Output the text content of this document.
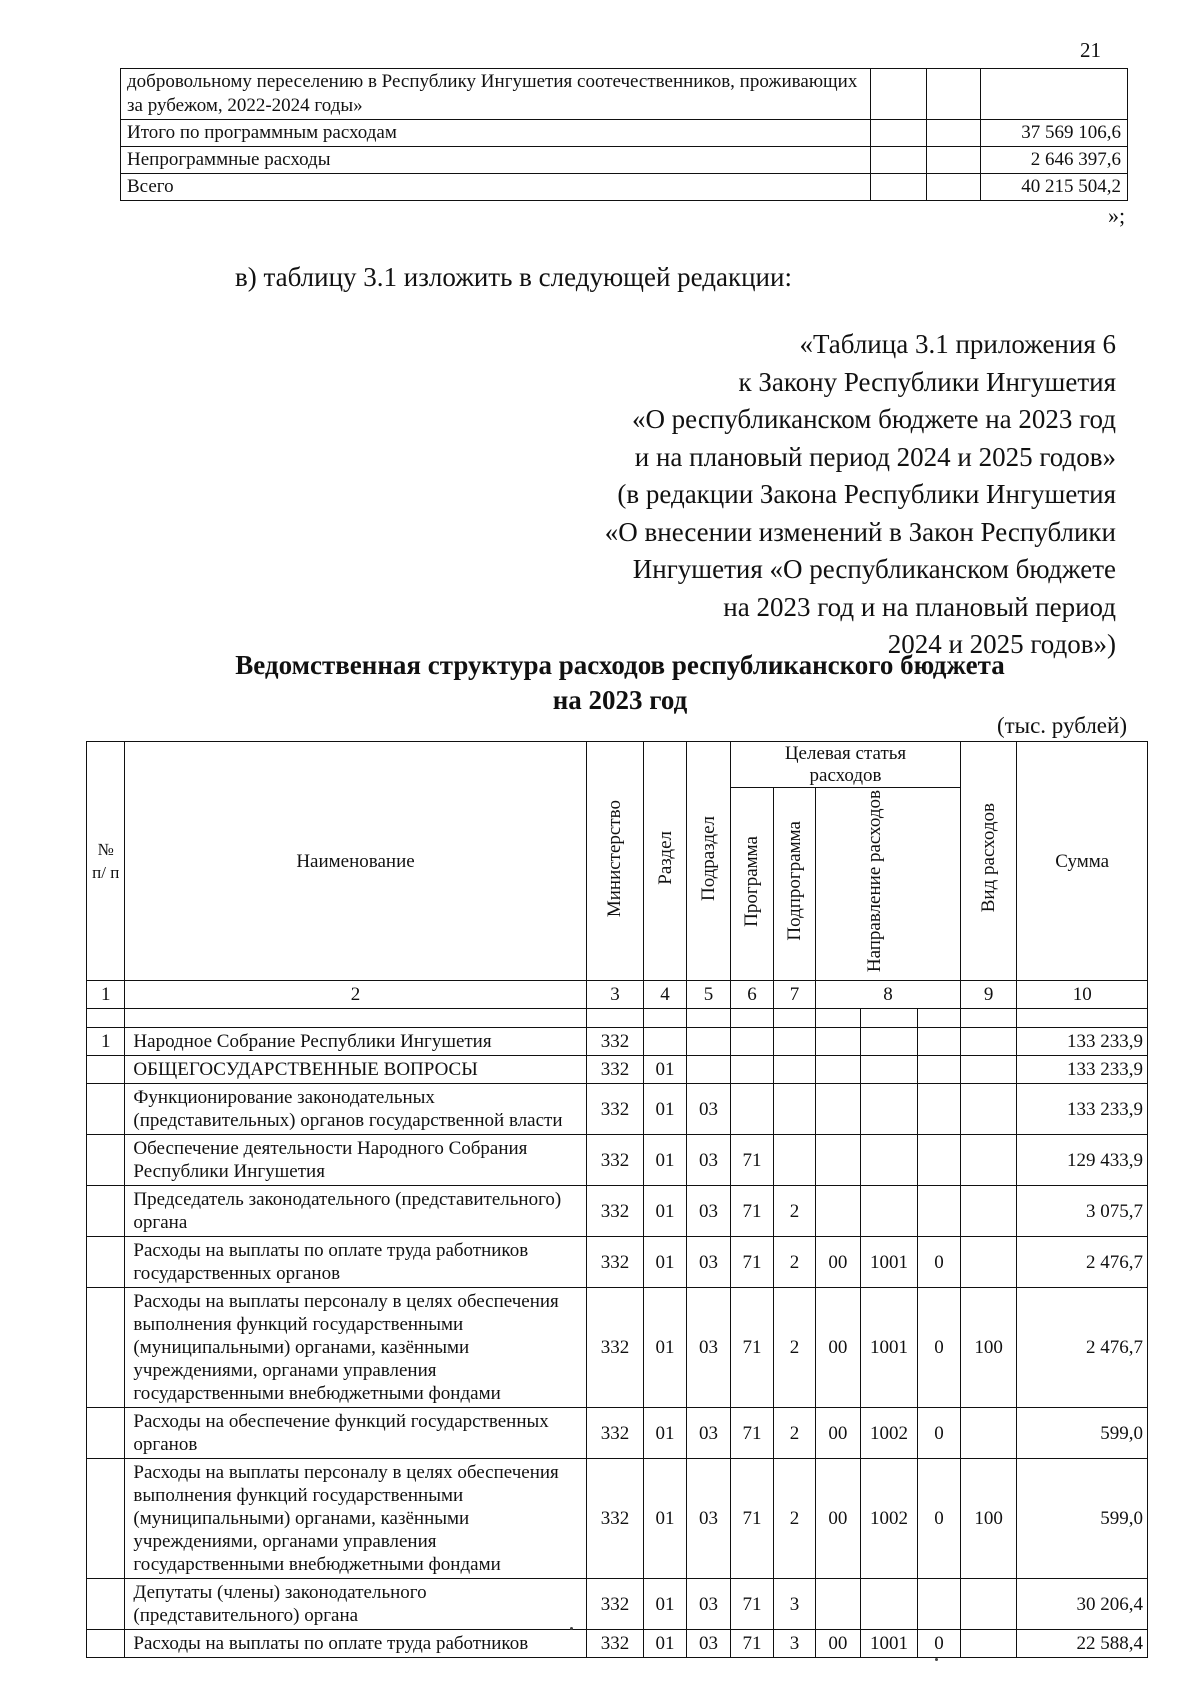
21
добровольному переселению в Республику Ингушетия соотечественников, проживающих за рубежом, 2022-2024 годы»			
Итого по программным расходам			37 569 106,6
Непрограммные расходы			2 646 397,6
Всего			40 215 504,2
»;
в) таблицу 3.1 изложить в следующей редакции:
«Таблица 3.1 приложения 6
к Закону Республики Ингушетия
«О республиканском бюджете на 2023 год
и на плановый период 2024 и 2025 годов»
(в редакции Закона Республики Ингушетия
«О внесении изменений в Закон Республики
Ингушетия «О республиканском бюджете
на 2023 год и на плановый период
2024 и 2025 годов»)
Ведомственная структура расходов республиканского бюджета
на 2023 год
(тыс. рублей)
№ п/ п	Наименование	Министерство	Раздел	Подраздел	Целевая статья расходов					Вид расходов	Сумма
					Программа	Подпрограмма	Направление расходов				
1	2	3	4	5	6	7	8			9	10

1	Народное Собрание Республики Ингушетия	332									133 233,9
	ОБЩЕГОСУДАРСТВЕННЫЕ ВОПРОСЫ	332	01								133 233,9
	Функционирование законодательных (представительных) органов государственной власти	332	01	03							133 233,9
	Обеспечение деятельности Народного Собрания Республики Ингушетия	332	01	03	71						129 433,9
	Председатель законодательного (представительного) органа	332	01	03	71	2					3 075,7
	Расходы на выплаты по оплате труда работников государственных органов	332	01	03	71	2	00	1001	0		2 476,7
	Расходы на выплаты персоналу в целях обеспечения выполнения функций государственными (муниципальными) органами, казёнными учреждениями, органами управления государственными внебюджетными фондами	332	01	03	71	2	00	1001	0	100	2 476,7
	Расходы на обеспечение функций государственных органов	332	01	03	71	2	00	1002	0		599,0
	Расходы на выплаты персоналу в целях обеспечения выполнения функций государственными (муниципальными) органами, казёнными учреждениями, органами управления государственными внебюджетными фондами	332	01	03	71	2	00	1002	0	100	599,0
	Депутаты (члены) законодательного (представительного) органа	332	01	03	71	3					30 206,4
	Расходы на выплаты по оплате труда работников	332	01	03	71	3	00	1001	0		22 588,4
